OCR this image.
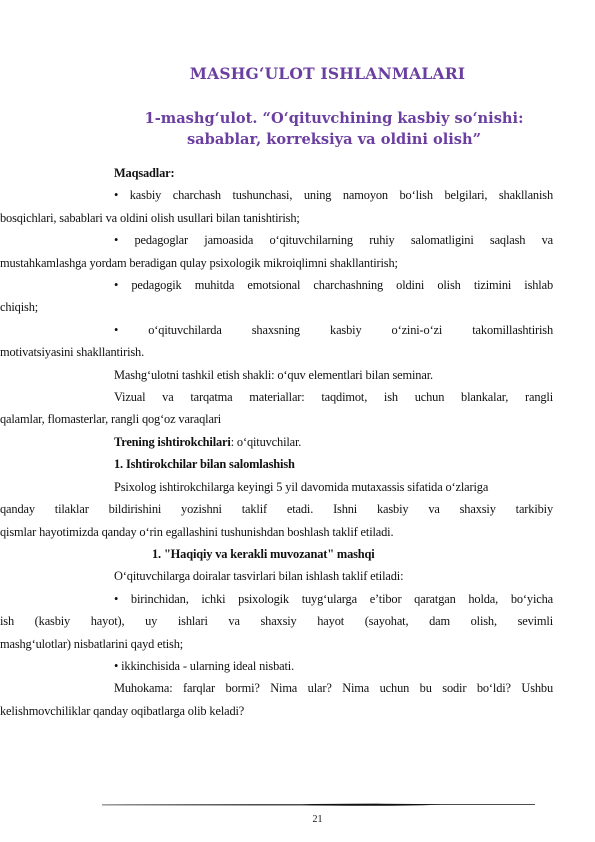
MASHG‘ULOT ISHLANMALARI
1-mashg‘ulot. “O‘qituvchining kasbiy so‘nishi: sabablar, korreksiya va oldini olish”

Maqsadlar:

• kasbiy charchash tushunchasi, uning namoyon bo‘lish belgilari, shakllanish

bosqichlari, sabablari va oldini olish usullari bilan tanishtirish;

• pedagoglar jamoasida o‘qituvchilarning ruhiy salomatligini saqlash va

mustahkamlashga yordam beradigan qulay psixologik mikroiqlimni shakllantirish;

• pedagogik muhitda emotsional charchashning oldini olish tizimini ishlab

chiqish;

• o‘qituvchilarda shaxsning kasbiy o‘zini-o‘zi takomillashtirish

motivatsiyasini shakllantirish.

Mashg‘ulotni tashkil etish shakli: o‘quv elementlari bilan seminar.

Vizual va tarqatma materiallar: taqdimot, ish uchun blankalar, rangli

qalamlar, flomasterlar, rangli qog‘oz varaqlari

Trening ishtirokchilari: o‘qituvchilar.

1. Ishtirokchilar bilan salomlashish

Psixolog ishtirokchilarga keyingi 5 yil davomida mutaxassis sifatida o‘zlariga

qanday tilaklar bildirishini yozishni taklif etadi. Ishni kasbiy va shaxsiy tarkibiy

qismlar hayotimizda qanday o‘rin egallashini tushunishdan boshlash taklif etiladi.

1. "Haqiqiy va kerakli muvozanat" mashqi

O‘qituvchilarga doiralar tasvirlari bilan ishlash taklif etiladi:

• birinchidan, ichki psixologik tuyg‘ularga e’tibor qaratgan holda, bo‘yicha

ish (kasbiy hayot), uy ishlari va shaxsiy hayot (sayohat, dam olish, sevimli

mashg‘ulotlar) nisbatlarini qayd etish;

• ikkinchisida - ularning ideal nisbati.

Muhokama: farqlar bormi? Nima ular? Nima uchun bu sodir bo‘ldi? Ushbu

kelishmovchiliklar qanday oqibatlarga olib keladi?

21
